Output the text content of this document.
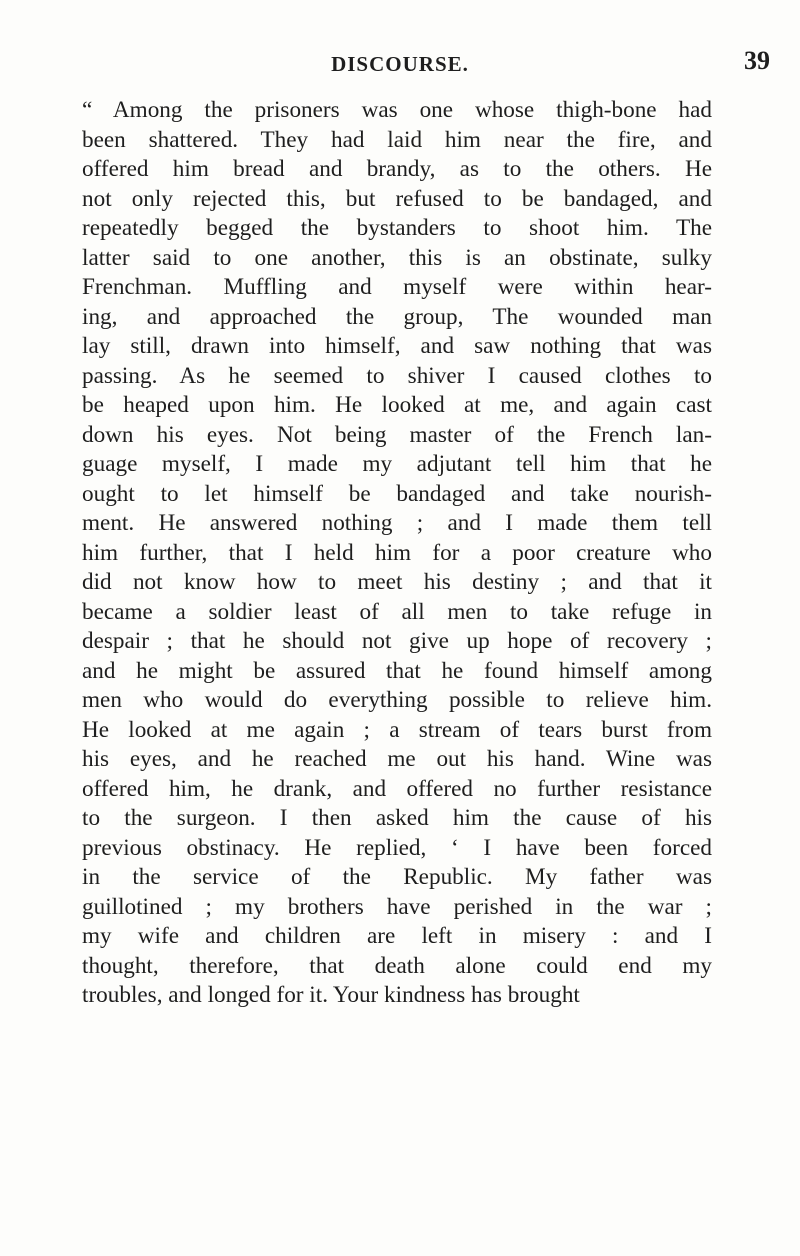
DISCOURSE.	39
“ Among the prisoners was one whose thigh-bone had
been shattered. They had laid him near the fire, and
offered him bread and brandy, as to the others. He
not only rejected this, but refused to be bandaged, and
repeatedly begged the bystanders to shoot him. The
latter said to one another, this is an obstinate, sulky
Frenchman. Muffling and myself were within hear-
ing, and approached the group, The wounded man
lay still, drawn into himself, and saw nothing that was
passing. As he seemed to shiver I caused clothes to
be heaped upon him. He looked at me, and again cast
down his eyes. Not being master of the French lan-
guage myself, I made my adjutant tell him that he
ought to let himself be bandaged and take nourish-
ment. He answered nothing ; and I made them tell
him further, that I held him for a poor creature who
did not know how to meet his destiny ; and that it
became a soldier least of all men to take refuge in
despair ; that he should not give up hope of recovery ;
and he might be assured that he found himself among
men who would do everything possible to relieve him.
He looked at me again ; a stream of tears burst from
his eyes, and he reached me out his hand. Wine was
offered him, he drank, and offered no further resistance
to the surgeon. I then asked him the cause of his
previous obstinacy. He replied, ‘ I have been forced
in the service of the Republic. My father was
guillotined ; my brothers have perished in the war ;
my wife and children are left in misery : and I
thought, therefore, that death alone could end my
troubles, and longed for it. Your kindness has brought
